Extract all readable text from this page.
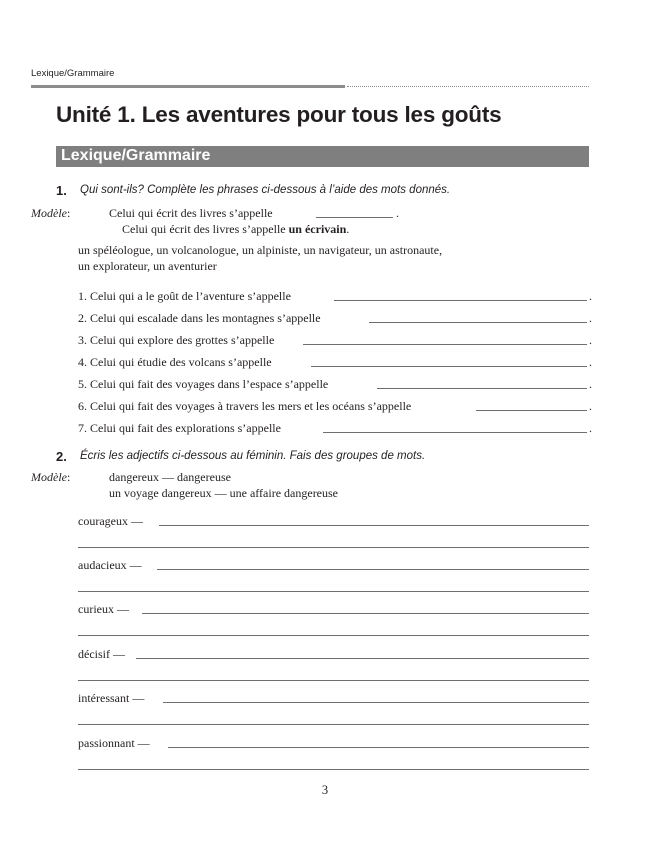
Lexique/Grammaire
Unité 1. Les aventures pour tous les goûts
Lexique/Grammaire
1. Qui sont-ils? Complète les phrases ci-dessous à l’aide des mots donnés.
Modèle:	Celui qui écrit des livres s’appelle	.
Celui qui écrit des livres s’appelle un écrivain.
un spéléologue, un volcanologue, un alpiniste, un navigateur, un astronaute,
un explorateur, un aventurier
1. Celui qui a le goût de l’aventure s’appelle	.
2. Celui qui escalade dans les montagnes s’appelle	.
3. Celui qui explore des grottes s’appelle	.
4. Celui qui étudie des volcans s’appelle	.
5. Celui qui fait des voyages dans l’espace s’appelle	.
6. Celui qui fait des voyages à travers les mers et les océans s’appelle	.
7. Celui qui fait des explorations s’appelle	.
2. Écris les adjectifs ci-dessous au féminin. Fais des groupes de mots.
Modèle:	dangereux — dangereuse
un voyage dangereux — une affaire dangereuse
courageux —
audacieux —
curieux —
décisif —
intéressant —
passionnant —
3
